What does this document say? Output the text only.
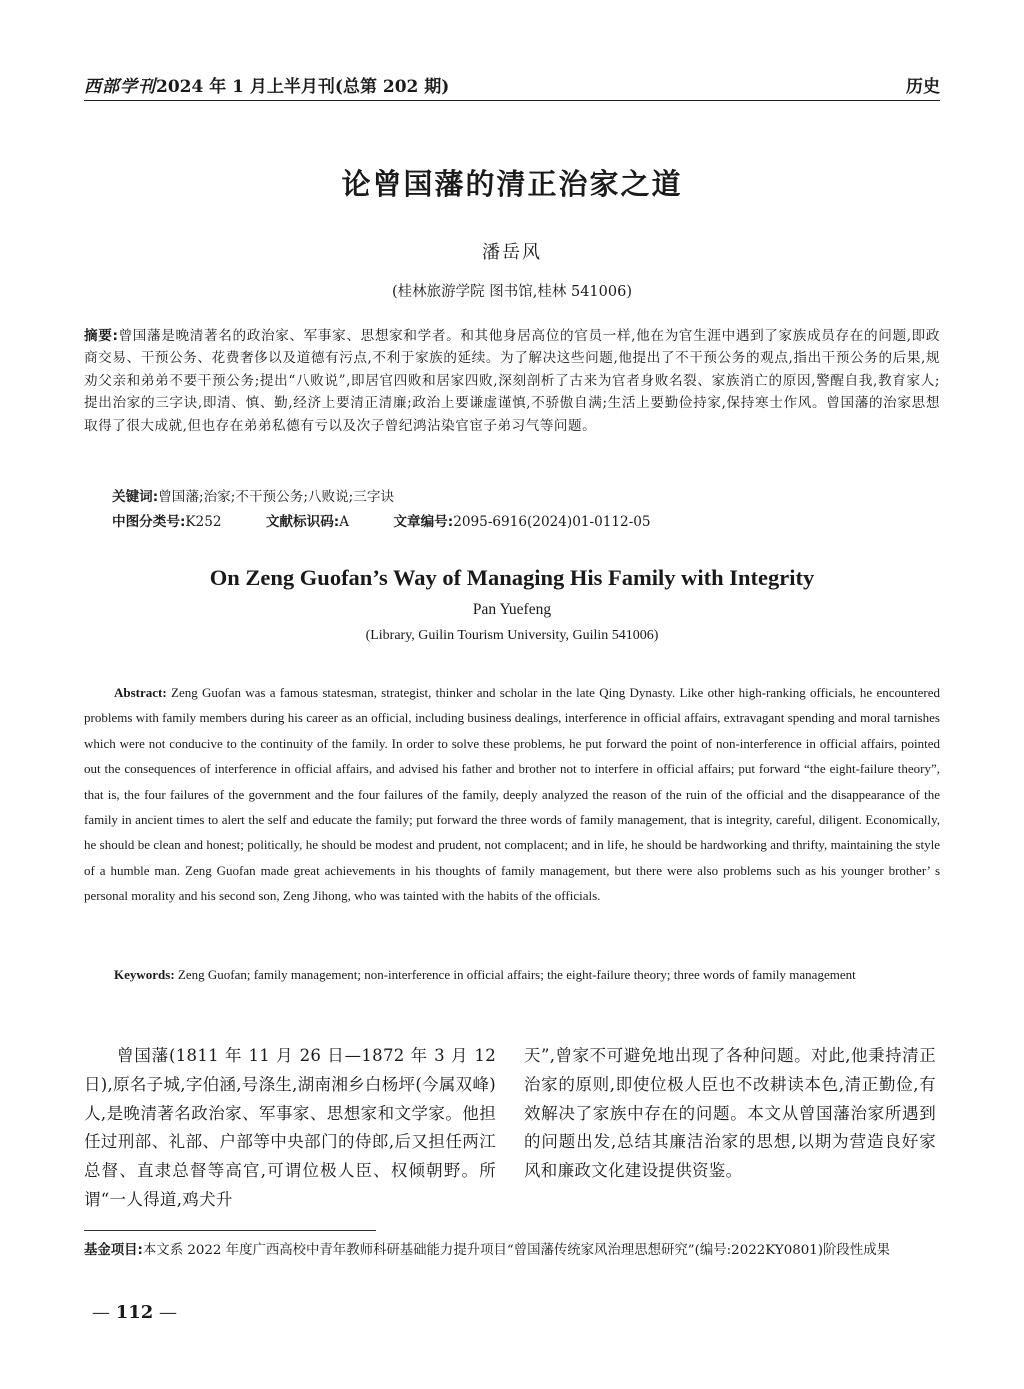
西部学刊2024 年 1 月上半月刊(总第 202 期)	历史
论曾国藩的清正治家之道
潘岳风
(桂林旅游学院 图书馆,桂林 541006)
摘要:曾国藩是晚清著名的政治家、军事家、思想家和学者。和其他身居高位的官员一样,他在为官生涯中遇到了家族成员存在的问题,即政商交易、干预公务、花费奢侈以及道德有污点,不利于家族的延续。为了解决这些问题,他提出了不干预公务的观点,指出干预公务的后果,规劝父亲和弟弟不要干预公务;提出“八败说”,即居官四败和居家四败,深刻剖析了古来为官者身败名裂、家族消亡的原因,警醒自我,教育家人;提出治家的三字诀,即清、慎、勤,经济上要清正清廉;政治上要谦虚谨慎,不骄傲自满;生活上要勤俭持家,保持寒士作风。曾国藩的治家思想取得了很大成就,但也存在弟弟私德有亏以及次子曾纪鸿沾染官宦子弟习气等问题。
关键词:曾国藩;治家;不干预公务;八败说;三字诀
中图分类号:K252	文献标识码:A	文章编号:2095-6916(2024)01-0112-05
On Zeng Guofan’s Way of Managing His Family with Integrity
Pan Yuefeng
(Library, Guilin Tourism University, Guilin 541006)
Abstract: Zeng Guofan was a famous statesman, strategist, thinker and scholar in the late Qing Dynasty. Like other high-ranking officials, he encountered problems with family members during his career as an official, including business dealings, interference in official affairs, extravagant spending and moral tarnishes which were not conducive to the continuity of the family. In order to solve these problems, he put forward the point of non-interference in official affairs, pointed out the consequences of interference in official affairs, and advised his father and brother not to interfere in official affairs; put forward “the eight-failure theory”, that is, the four failures of the government and the four failures of the family, deeply analyzed the reason of the ruin of the official and the disappearance of the family in ancient times to alert the self and educate the family; put forward the three words of family management, that is integrity, careful, diligent. Economically, he should be clean and honest; politically, he should be modest and prudent, not complacent; and in life, he should be hardworking and thrifty, maintaining the style of a humble man. Zeng Guofan made great achievements in his thoughts of family management, but there were also problems such as his younger brother’ s personal morality and his second son, Zeng Jihong, who was tainted with the habits of the officials.
Keywords: Zeng Guofan; family management; non-interference in official affairs; the eight-failure theory; three words of family management
曾国藩(1811 年 11 月 26 日—1872 年 3 月 12 日),原名子城,字伯涵,号涤生,湖南湘乡白杨坪(今属双峰)人,是晚清著名政治家、军事家、思想家和文学家。他担任过刑部、礼部、户部等中央部门的侍郎,后又担任两江总督、直隶总督等高官,可谓位极人臣、权倾朝野。所谓“一人得道,鸡犬升
天”,曾家不可避免地出现了各种问题。对此,他秉持清正治家的原则,即使位极人臣也不改耕读本色,清正勤俭,有效解决了家族中存在的问题。本文从曾国藩治家所遇到的问题出发,总结其廉洁治家的思想,以期为营造良好家风和廉政文化建设提供资鉴。
基金项目:本文系 2022 年度广西高校中青年教师科研基础能力提升项目“曾国藩传统家风治理思想研究”(编号:2022KY0801)阶段性成果
— 112 —
